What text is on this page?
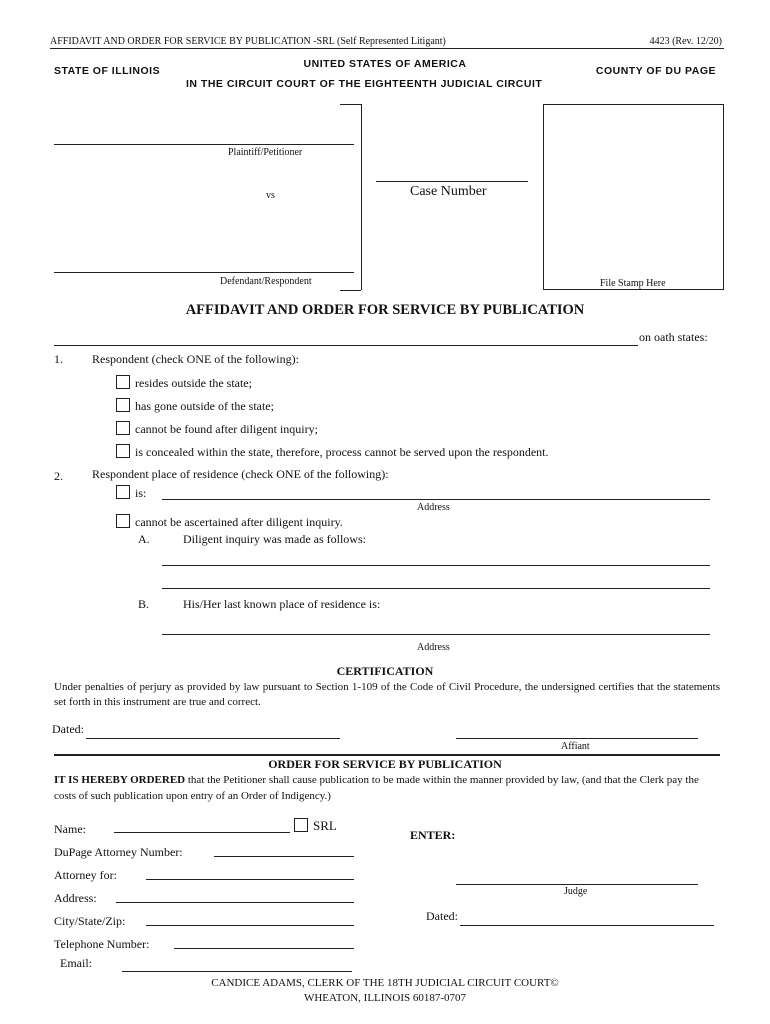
AFFIDAVIT AND ORDER FOR SERVICE BY PUBLICATION -SRL (Self Represented Litigant)	4423 (Rev. 12/20)
STATE OF ILLINOIS
UNITED STATES OF AMERICA
IN THE CIRCUIT COURT OF THE EIGHTEENTH JUDICIAL CIRCUIT
COUNTY OF DU PAGE
Plaintiff/Petitioner
vs
Defendant/Respondent
Case Number
File Stamp Here
AFFIDAVIT AND ORDER FOR SERVICE BY PUBLICATION
on oath states:
1. Respondent (check ONE of the following):
resides outside the state;
has gone outside of the state;
cannot be found after diligent inquiry;
is concealed within the state, therefore, process cannot be served upon the respondent.
2. Respondent place of residence (check ONE of the following):
is:
Address
cannot be ascertained after diligent inquiry.
A.	Diligent inquiry was made as follows:
B.	His/Her last known place of residence is:
Address
CERTIFICATION
Under penalties of perjury as provided by law pursuant to Section 1-109 of the Code of Civil Procedure, the undersigned certifies that the statements set forth in this instrument are true and correct.
Dated:
Affiant
ORDER FOR SERVICE BY PUBLICATION
IT IS HEREBY ORDERED that the Petitioner shall cause publication to be made within the manner provided by law, (and that the Clerk pay the costs of such publication upon entry of an Order of Indigency.)
Name:	SRL
ENTER:
DuPage Attorney Number:
Attorney for:
Judge
Address:
Dated:
City/State/Zip:
Telephone Number:
Email:
CANDICE ADAMS, CLERK OF THE 18TH JUDICIAL CIRCUIT COURT©
WHEATON, ILLINOIS 60187-0707
